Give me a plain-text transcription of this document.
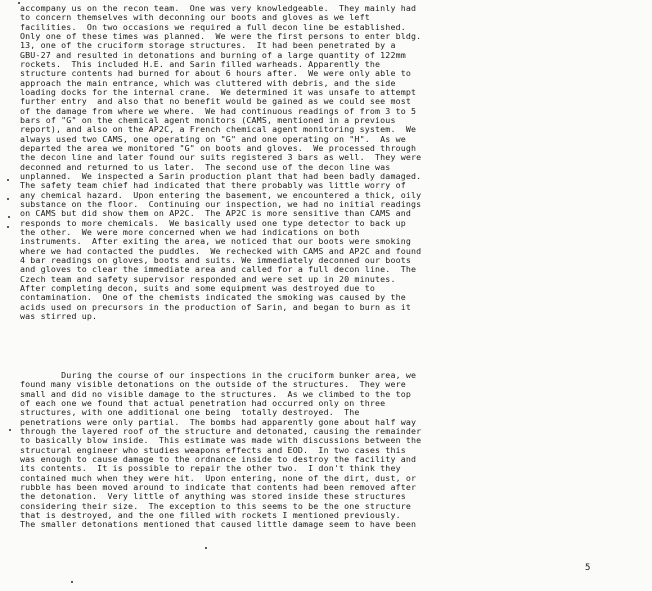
accompany us on the recon team.  One was very knowledgeable.  They mainly had
to concern themselves with deconning our boots and gloves as we left
facilities.  On two occasions we required a full decon line be established.
Only one of these times was planned.  We were the first persons to enter bldg.
13, one of the cruciform storage structures.  It had been penetrated by a
GBU-27 and resulted in detonations and burning of a large quantity of 122mm
rockets.  This included H.E. and Sarin filled warheads. Apparently the
structure contents had burned for about 6 hours after.  We were only able to
approach the main entrance, which was cluttered with debris, and the side
loading docks for the internal crane.  We determined it was unsafe to attempt
further entry  and also that no benefit would be gained as we could see most
of the damage from where we where.  We had continuous readings of from 3 to 5
bars of "G" on the chemical agent monitors (CAMS, mentioned in a previous
report), and also on the AP2C, a French chemical agent monitoring system.  We
always used two CAMS, one operating on "G" and one operating on "H".  As we
departed the area we monitored "G" on boots and gloves.  We processed through
the decon line and later found our suits registered 3 bars as well.  They were
deconned and returned to us later.  The second use of the decon line was
unplanned.  We inspected a Sarin production plant that had been badly damaged.
The safety team chief had indicated that there probably was little worry of
any chemical hazard.  Upon entering the basement, we encountered a thick, oily
substance on the floor.  Continuing our inspection, we had no initial readings
on CAMS but did show them on AP2C.  The AP2C is more sensitive than CAMS and
responds to more chemicals.  We basically used one type detector to back up
the other.  We were more concerned when we had indications on both
instruments.  After exiting the area, we noticed that our boots were smoking
where we had contacted the puddles.  We rechecked with CAMS and AP2C and found
4 bar readings on gloves, boots and suits. We immediately deconned our boots
and gloves to clear the immediate area and called for a full decon line.  The
Czech team and safety supervisor responded and were set up in 20 minutes.
After completing decon, suits and some equipment was destroyed due to
contamination.  One of the chemists indicated the smoking was caused by the
acids used on precursors in the production of Sarin, and began to burn as it
was stirred up.
During the course of our inspections in the cruciform bunker area, we
found many visible detonations on the outside of the structures.  They were
small and did no visible damage to the structures.  As we climbed to the top
of each one we found that actual penetration had occurred only on three
structures, with one additional one being  totally destroyed.  The
penetrations were only partial.  The bombs had apparently gone about half way
through the layered roof of the structure and detonated, causing the remainder
to basically blow inside.  This estimate was made with discussions between the
structural engineer who studies weapons effects and EOD.  In two cases this
was enough to cause damage to the ordnance inside to destroy the facility and
its contents.  It is possible to repair the other two.  I don't think they
contained much when they were hit.  Upon entering, none of the dirt, dust, or
rubble has been moved around to indicate that contents had been removed after
the detonation.  Very little of anything was stored inside these structures
considering their size.  The exception to this seems to be the one structure
that is destroyed, and the one filled with rockets I mentioned previously.
The smaller detonations mentioned that caused little damage seem to have been
5
